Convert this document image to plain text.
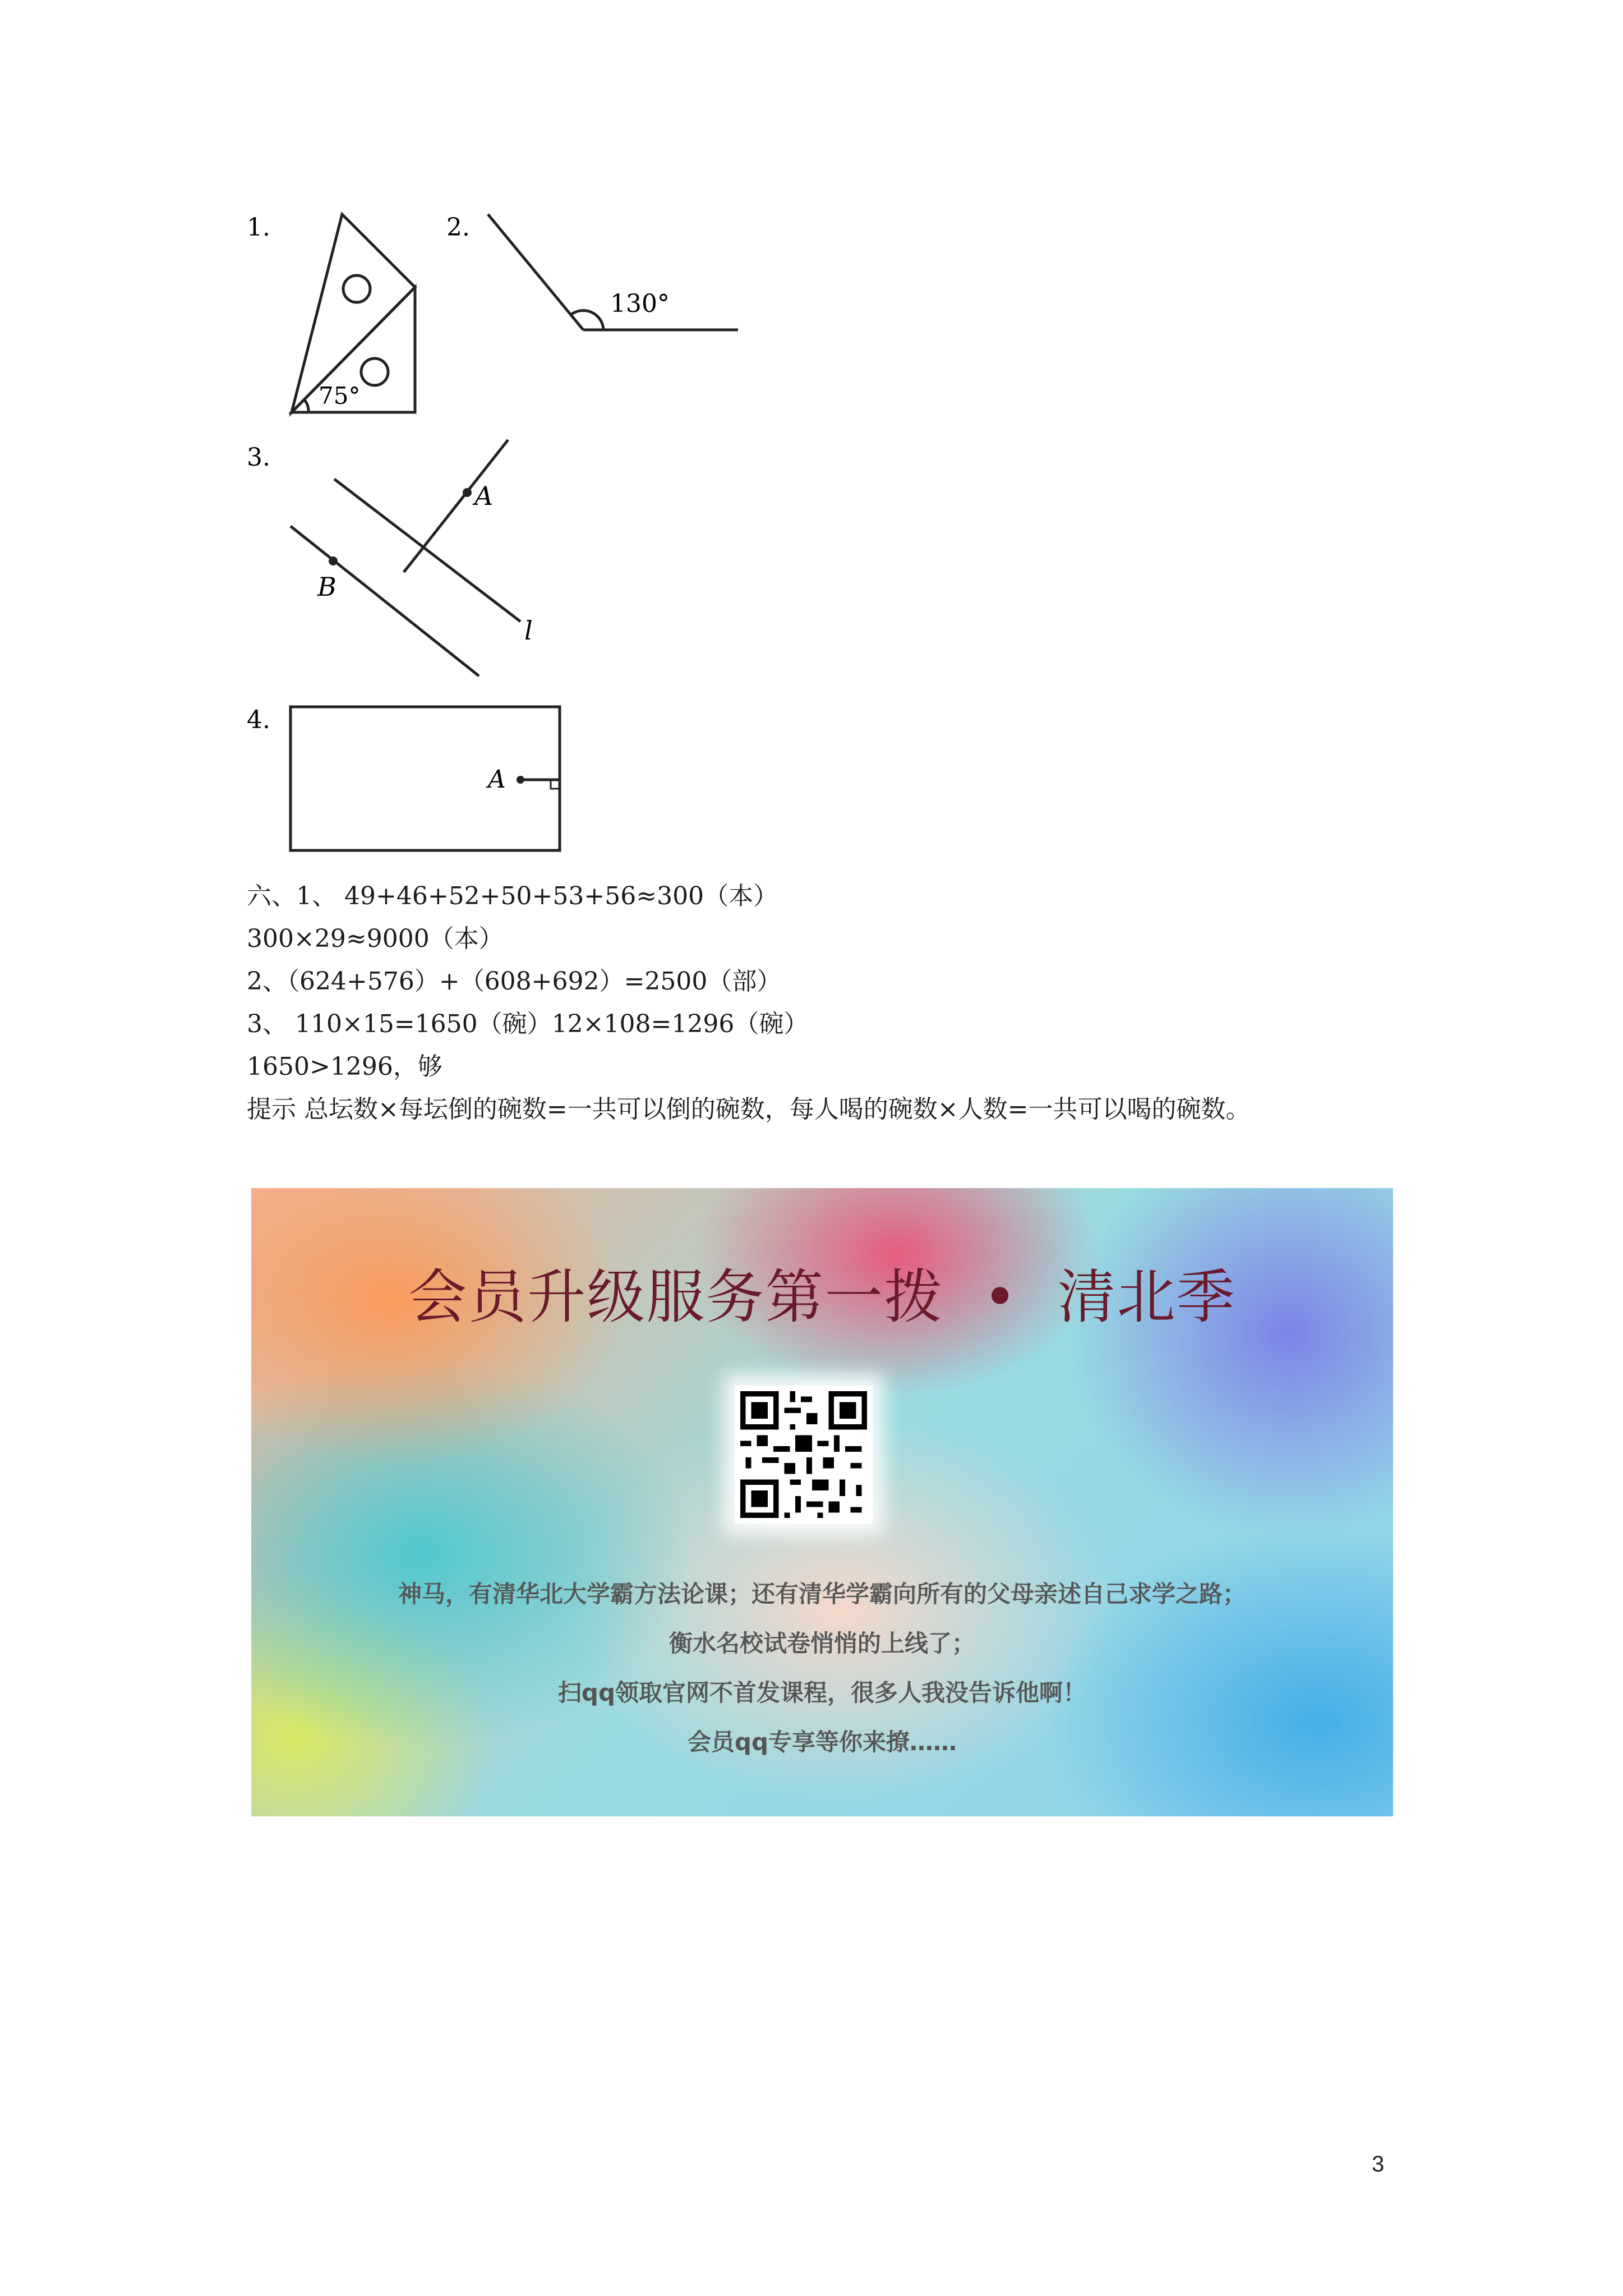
1.
75°
2.
130°
3.
A
B
l
4.
A
六、1、 49+46+52+50+53+56≈300（本）
300×29≈9000（本）
2、（624+576）+（608+692）=2500（部）
3、 110×15=1650（碗）12×108=1296（碗）
1650>1296，够
提示 总坛数×每坛倒的碗数=一共可以倒的碗数，每人喝的碗数×人数=一共可以喝的碗数。
会员升级服务第一拨 • 清北季
神马，有清华北大学霸方法论课；还有清华学霸向所有的父母亲述自己求学之路；
衡水名校试卷悄悄的上线了；
扫qq领取官网不首发课程，很多人我没告诉他啊！
会员qq专享等你来撩……
3
